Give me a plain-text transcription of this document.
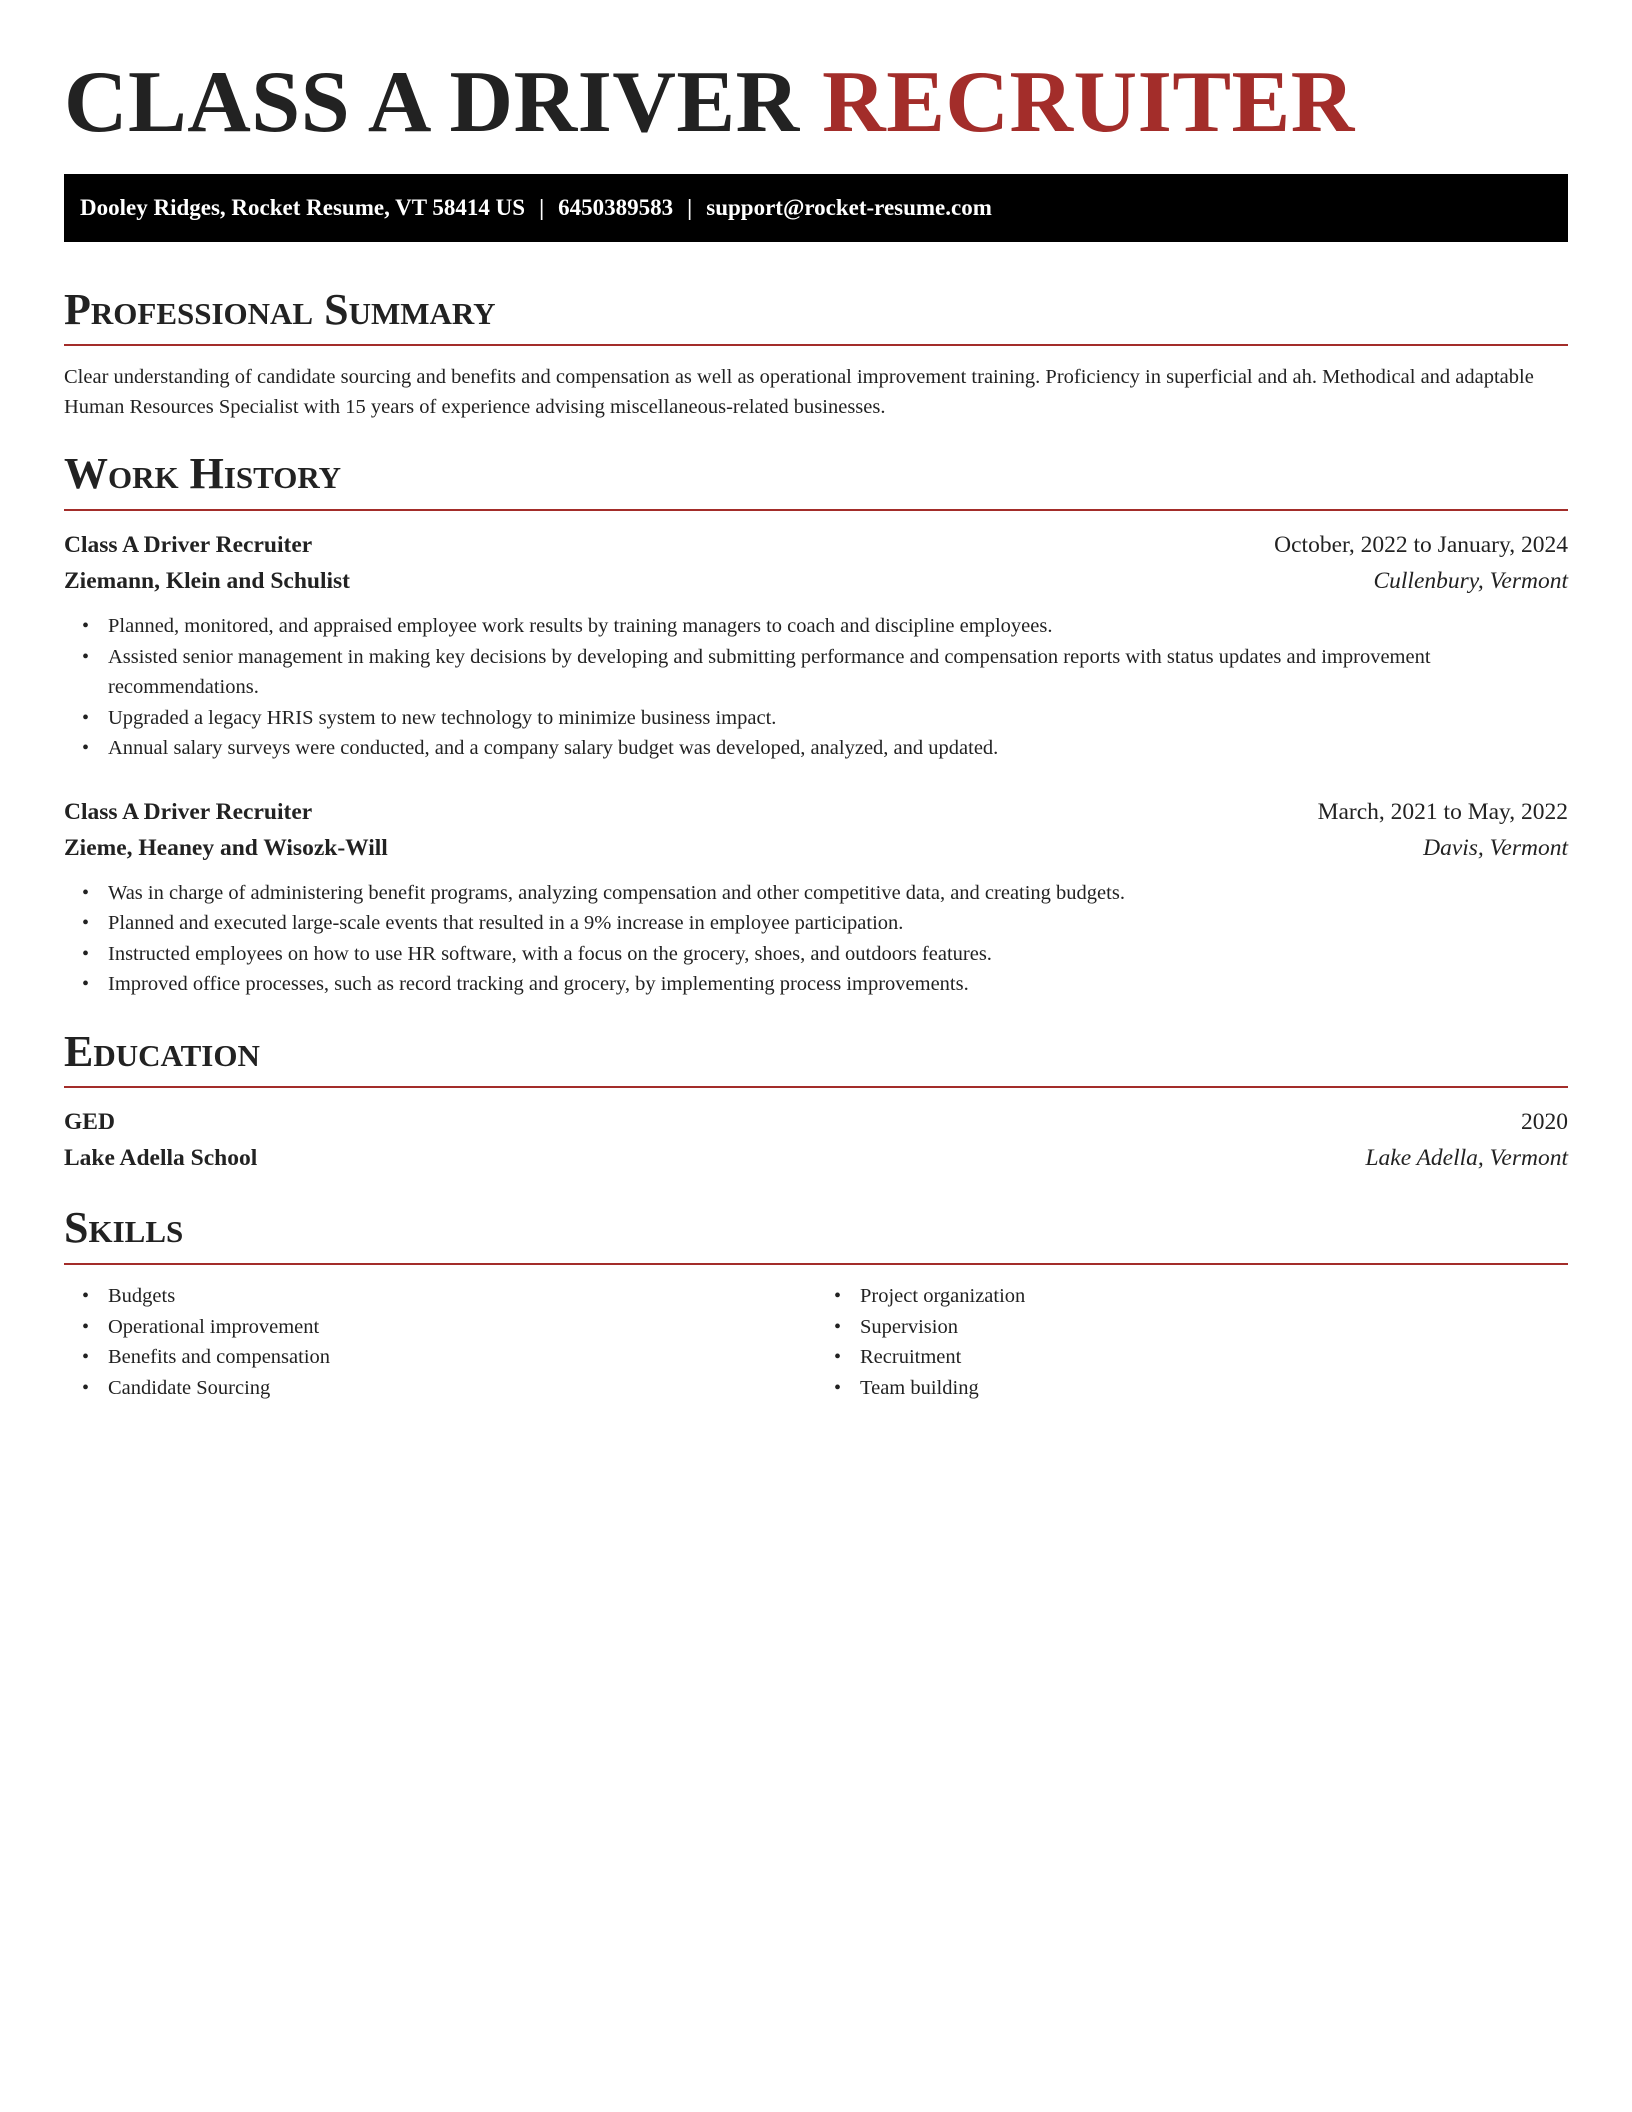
CLASS A DRIVER RECRUITER
Dooley Ridges, Rocket Resume, VT 58414 US | 6450389583 | support@rocket-resume.com
Professional Summary

Clear understanding of candidate sourcing and benefits and compensation as well as operational improvement training. Proficiency in superficial and ah. Methodical and adaptable Human Resources Specialist with 15 years of experience advising miscellaneous-related businesses.

Work History
Class A Driver Recruiter	October, 2022 to January, 2024
Ziemann, Klein and Schulist	Cullenbury, Vermont
• Planned, monitored, and appraised employee work results by training managers to coach and discipline employees.
• Assisted senior management in making key decisions by developing and submitting performance and compensation reports with status updates and improvement recommendations.
• Upgraded a legacy HRIS system to new technology to minimize business impact.
• Annual salary surveys were conducted, and a company salary budget was developed, analyzed, and updated.
Class A Driver Recruiter	March, 2021 to May, 2022
Zieme, Heaney and Wisozk-Will	Davis, Vermont
• Was in charge of administering benefit programs, analyzing compensation and other competitive data, and creating budgets.
• Planned and executed large-scale events that resulted in a 9% increase in employee participation.
• Instructed employees on how to use HR software, with a focus on the grocery, shoes, and outdoors features.
• Improved office processes, such as record tracking and grocery, by implementing process improvements.
Education
GED	2020
Lake Adella School	Lake Adella, Vermont
Skills
• Budgets
• Operational improvement
• Benefits and compensation
• Candidate Sourcing
• Project organization
• Supervision
• Recruitment
• Team building
